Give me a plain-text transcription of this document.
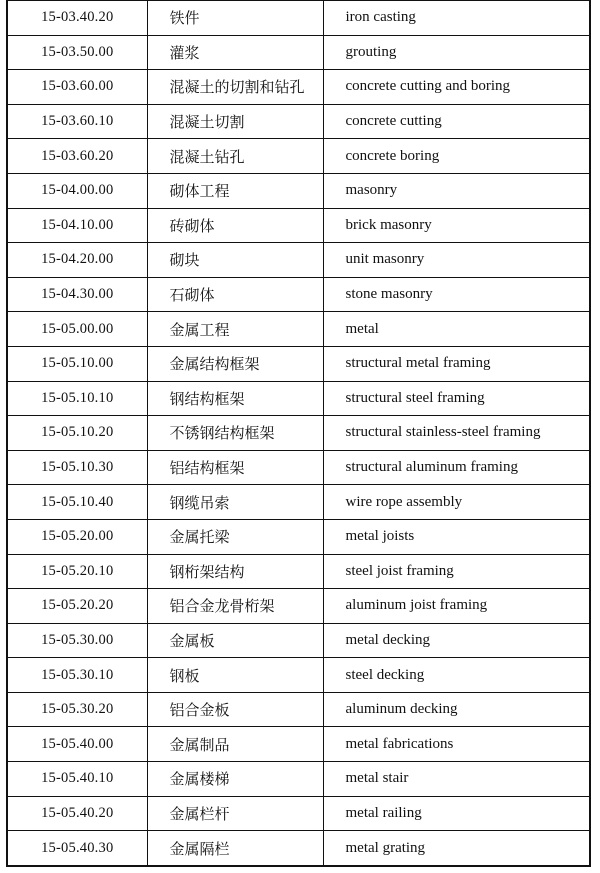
15-03.40.20	铁件	iron casting
15-03.50.00	灌浆	grouting
15-03.60.00	混凝土的切割和钻孔	concrete cutting and boring
15-03.60.10	混凝土切割	concrete cutting
15-03.60.20	混凝土钻孔	concrete boring
15-04.00.00	砌体工程	masonry
15-04.10.00	砖砌体	brick masonry
15-04.20.00	砌块	unit masonry
15-04.30.00	石砌体	stone masonry
15-05.00.00	金属工程	metal
15-05.10.00	金属结构框架	structural metal framing
15-05.10.10	钢结构框架	structural steel framing
15-05.10.20	不锈钢结构框架	structural stainless-steel framing
15-05.10.30	铝结构框架	structural aluminum framing
15-05.10.40	钢缆吊索	wire rope assembly
15-05.20.00	金属托梁	metal joists
15-05.20.10	钢桁架结构	steel joist framing
15-05.20.20	铝合金龙骨桁架	aluminum joist framing
15-05.30.00	金属板	metal decking
15-05.30.10	钢板	steel decking
15-05.30.20	铝合金板	aluminum decking
15-05.40.00	金属制品	metal fabrications
15-05.40.10	金属楼梯	metal stair
15-05.40.20	金属栏杆	metal railing
15-05.40.30	金属隔栏	metal grating
